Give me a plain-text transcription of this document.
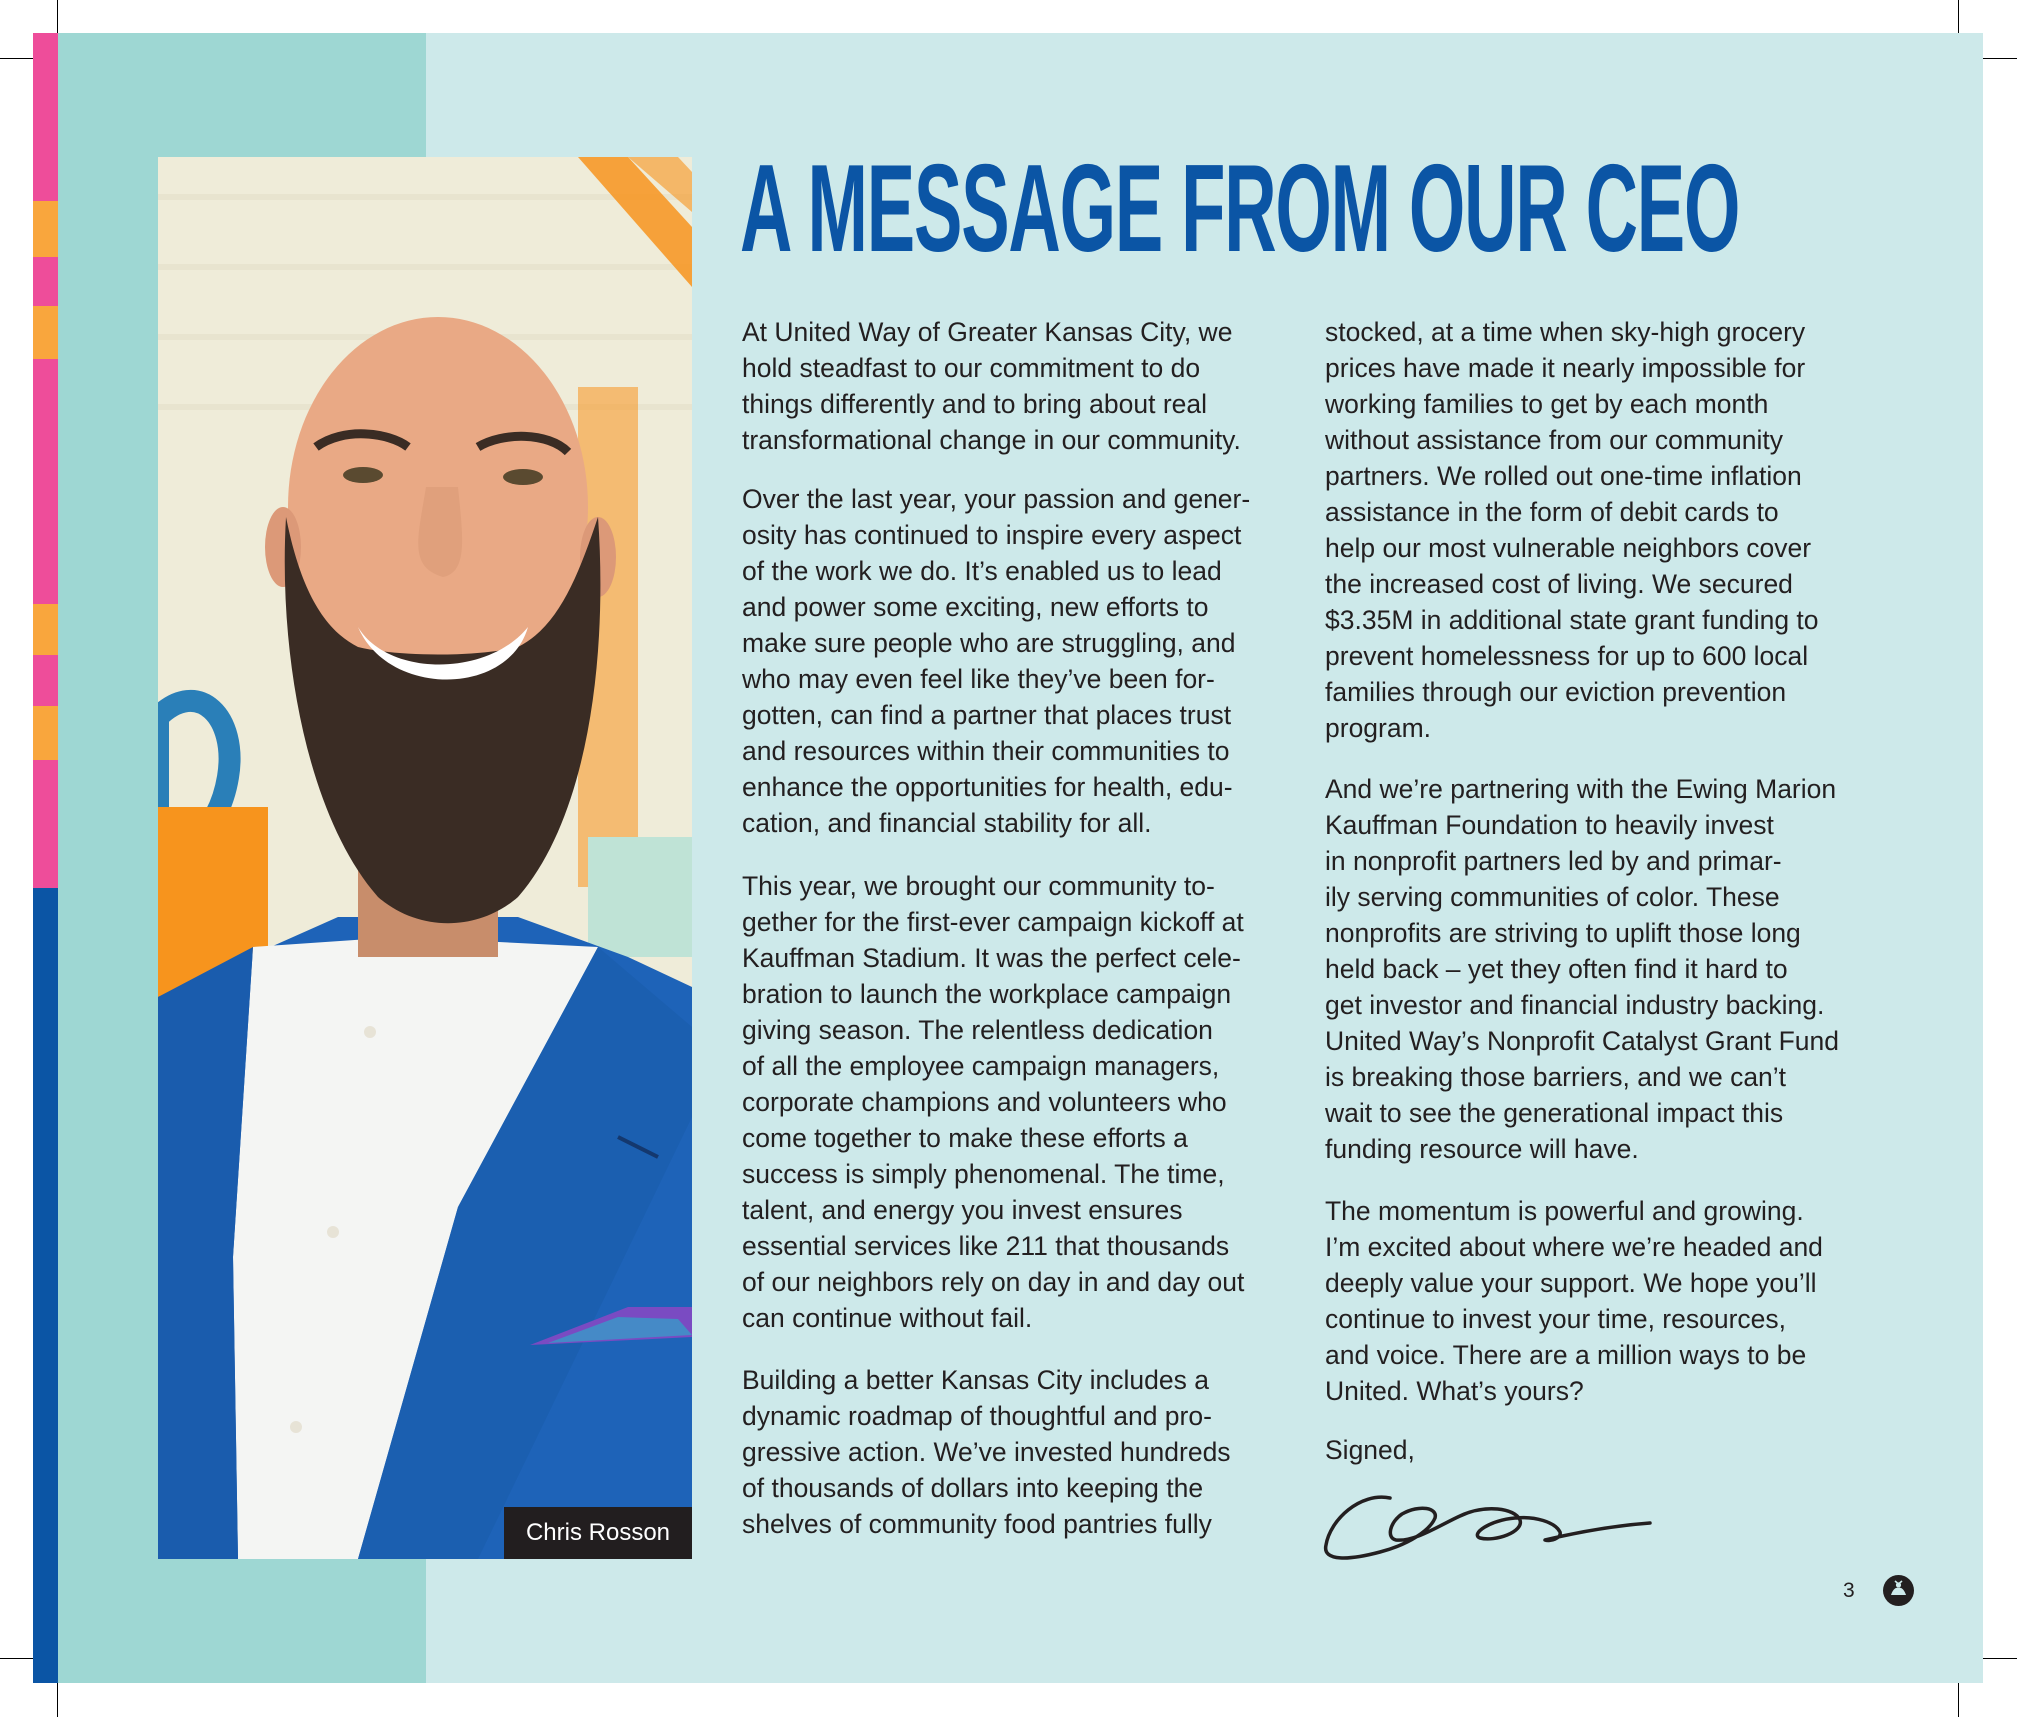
Chris Rosson
A MESSAGE FROM OUR CEO
At United Way of Greater Kansas City, we
hold steadfast to our commitment to do
things differently and to bring about real
transformational change in our community.
Over the last year, your passion and gener-
osity has continued to inspire every aspect
of the work we do. It’s enabled us to lead
and power some exciting, new efforts to
make sure people who are struggling, and
who may even feel like they’ve been for-
gotten, can find a partner that places trust
and resources within their communities to
enhance the opportunities for health, edu-
cation, and financial stability for all.
This year, we brought our community to-
gether for the first-ever campaign kickoff at
Kauffman Stadium. It was the perfect cele-
bration to launch the workplace campaign
giving season. The relentless dedication
of all the employee campaign managers,
corporate champions and volunteers who
come together to make these efforts a
success is simply phenomenal. The time,
talent, and energy you invest ensures
essential services like 211 that thousands
of our neighbors rely on day in and day out
can continue without fail.
Building a better Kansas City includes a
dynamic roadmap of thoughtful and pro-
gressive action. We’ve invested hundreds
of thousands of dollars into keeping the
shelves of community food pantries fully
stocked, at a time when sky-high grocery
prices have made it nearly impossible for
working families to get by each month
without assistance from our community
partners. We rolled out one-time inflation
assistance in the form of debit cards to
help our most vulnerable neighbors cover
the increased cost of living. We secured
$3.35M in additional state grant funding to
prevent homelessness for up to 600 local
families through our eviction prevention
program.
And we’re partnering with the Ewing Marion
Kauffman Foundation to heavily invest
in nonprofit partners led by and primar-
ily serving communities of color. These
nonprofits are striving to uplift those long
held back – yet they often find it hard to
get investor and financial industry backing.
United Way’s Nonprofit Catalyst Grant Fund
is breaking those barriers, and we can’t
wait to see the generational impact this
funding resource will have.
The momentum is powerful and growing.
I’m excited about where we’re headed and
deeply value your support. We hope you’ll
continue to invest your time, resources,
and voice. There are a million ways to be
United. What’s yours?
Signed,
3
